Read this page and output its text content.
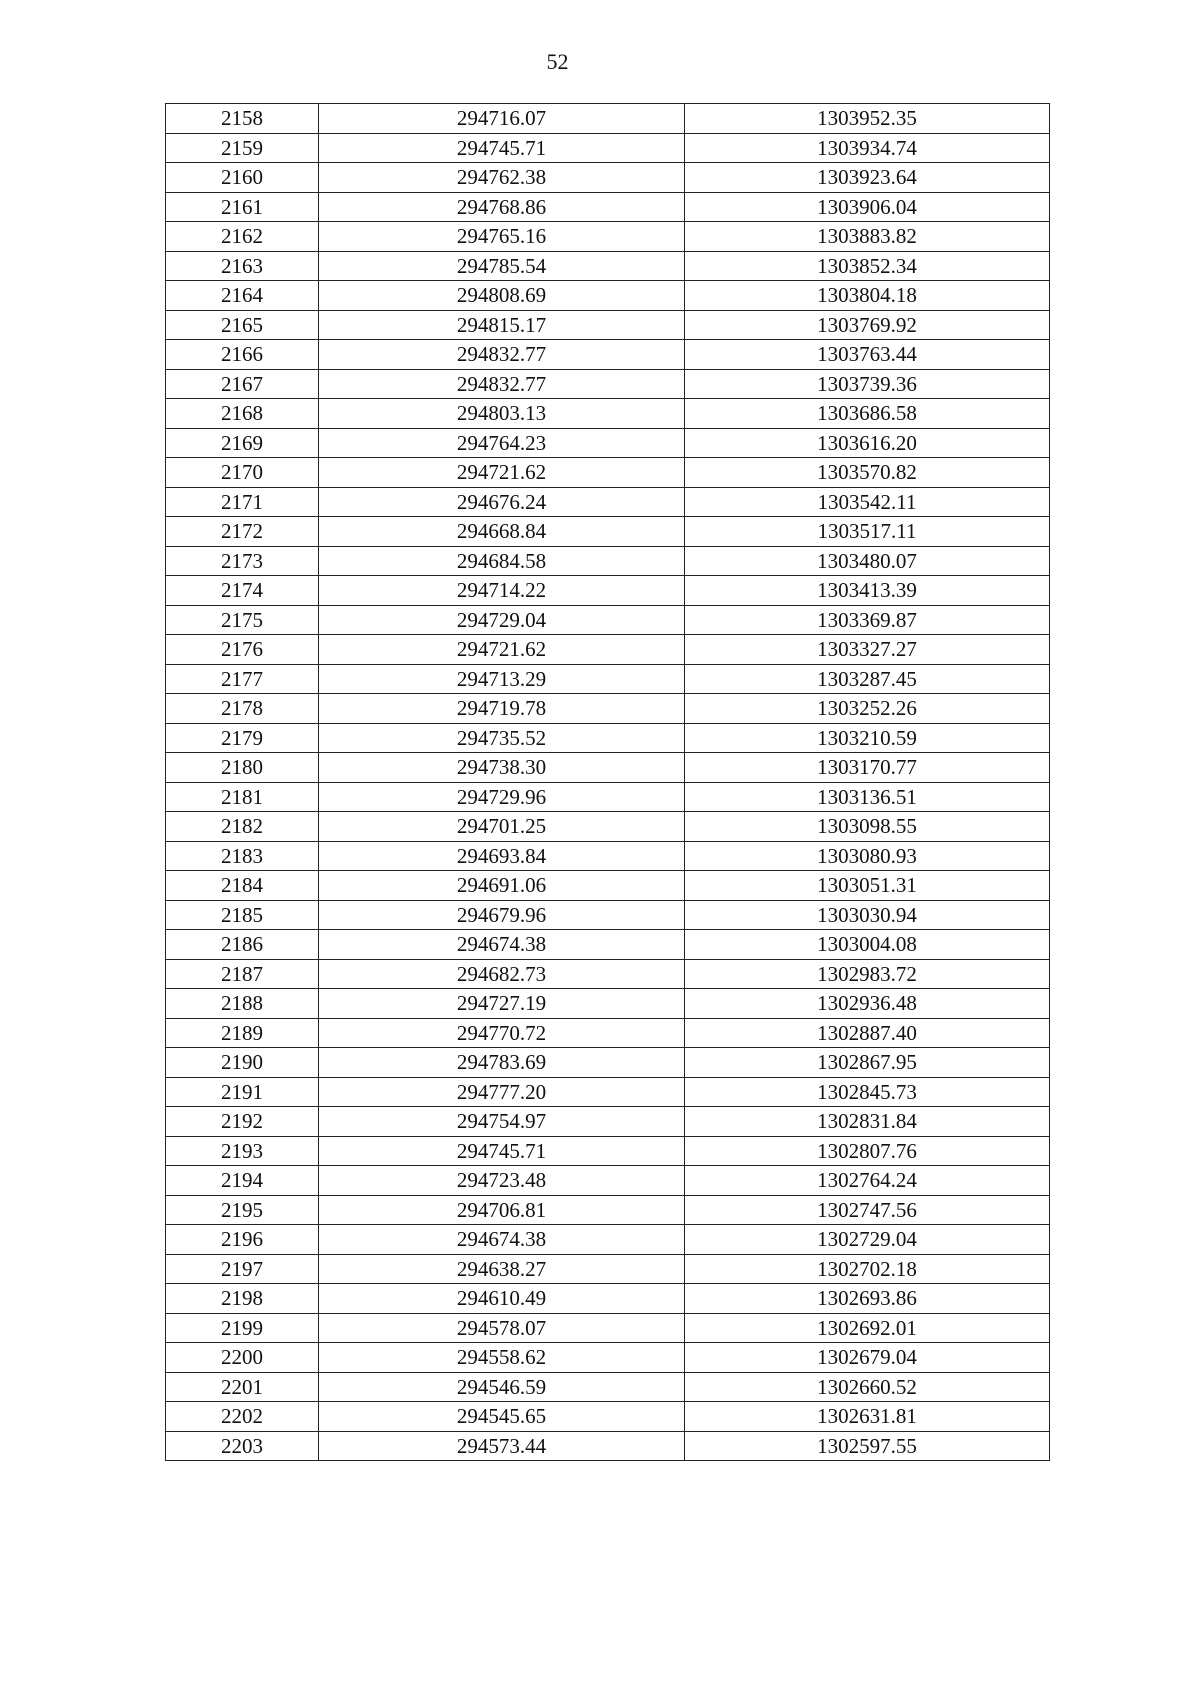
52
2158	294716.07	1303952.35
2159	294745.71	1303934.74
2160	294762.38	1303923.64
2161	294768.86	1303906.04
2162	294765.16	1303883.82
2163	294785.54	1303852.34
2164	294808.69	1303804.18
2165	294815.17	1303769.92
2166	294832.77	1303763.44
2167	294832.77	1303739.36
2168	294803.13	1303686.58
2169	294764.23	1303616.20
2170	294721.62	1303570.82
2171	294676.24	1303542.11
2172	294668.84	1303517.11
2173	294684.58	1303480.07
2174	294714.22	1303413.39
2175	294729.04	1303369.87
2176	294721.62	1303327.27
2177	294713.29	1303287.45
2178	294719.78	1303252.26
2179	294735.52	1303210.59
2180	294738.30	1303170.77
2181	294729.96	1303136.51
2182	294701.25	1303098.55
2183	294693.84	1303080.93
2184	294691.06	1303051.31
2185	294679.96	1303030.94
2186	294674.38	1303004.08
2187	294682.73	1302983.72
2188	294727.19	1302936.48
2189	294770.72	1302887.40
2190	294783.69	1302867.95
2191	294777.20	1302845.73
2192	294754.97	1302831.84
2193	294745.71	1302807.76
2194	294723.48	1302764.24
2195	294706.81	1302747.56
2196	294674.38	1302729.04
2197	294638.27	1302702.18
2198	294610.49	1302693.86
2199	294578.07	1302692.01
2200	294558.62	1302679.04
2201	294546.59	1302660.52
2202	294545.65	1302631.81
2203	294573.44	1302597.55
